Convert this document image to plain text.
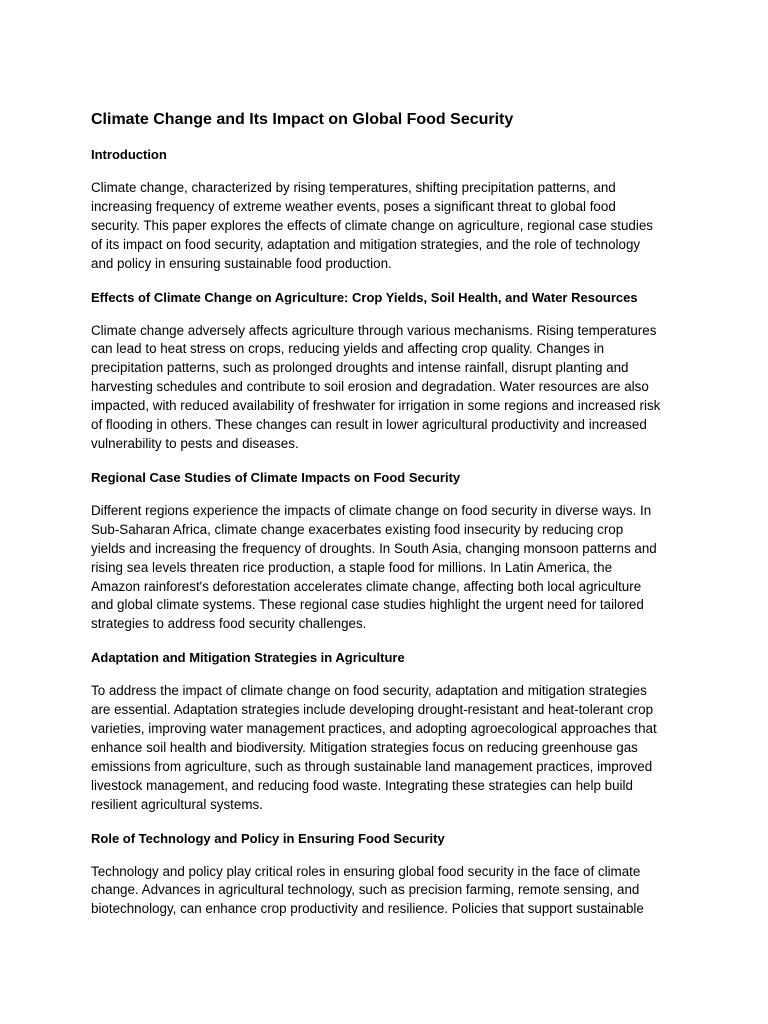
Climate Change and Its Impact on Global Food Security
Introduction
Climate change, characterized by rising temperatures, shifting precipitation patterns, and
increasing frequency of extreme weather events, poses a significant threat to global food
security. This paper explores the effects of climate change on agriculture, regional case studies
of its impact on food security, adaptation and mitigation strategies, and the role of technology
and policy in ensuring sustainable food production.
Effects of Climate Change on Agriculture: Crop Yields, Soil Health, and Water Resources
Climate change adversely affects agriculture through various mechanisms. Rising temperatures
can lead to heat stress on crops, reducing yields and affecting crop quality. Changes in
precipitation patterns, such as prolonged droughts and intense rainfall, disrupt planting and
harvesting schedules and contribute to soil erosion and degradation. Water resources are also
impacted, with reduced availability of freshwater for irrigation in some regions and increased risk
of flooding in others. These changes can result in lower agricultural productivity and increased
vulnerability to pests and diseases.
Regional Case Studies of Climate Impacts on Food Security
Different regions experience the impacts of climate change on food security in diverse ways. In
Sub-Saharan Africa, climate change exacerbates existing food insecurity by reducing crop
yields and increasing the frequency of droughts. In South Asia, changing monsoon patterns and
rising sea levels threaten rice production, a staple food for millions. In Latin America, the
Amazon rainforest's deforestation accelerates climate change, affecting both local agriculture
and global climate systems. These regional case studies highlight the urgent need for tailored
strategies to address food security challenges.
Adaptation and Mitigation Strategies in Agriculture
To address the impact of climate change on food security, adaptation and mitigation strategies
are essential. Adaptation strategies include developing drought-resistant and heat-tolerant crop
varieties, improving water management practices, and adopting agroecological approaches that
enhance soil health and biodiversity. Mitigation strategies focus on reducing greenhouse gas
emissions from agriculture, such as through sustainable land management practices, improved
livestock management, and reducing food waste. Integrating these strategies can help build
resilient agricultural systems.
Role of Technology and Policy in Ensuring Food Security
Technology and policy play critical roles in ensuring global food security in the face of climate
change. Advances in agricultural technology, such as precision farming, remote sensing, and
biotechnology, can enhance crop productivity and resilience. Policies that support sustainable
